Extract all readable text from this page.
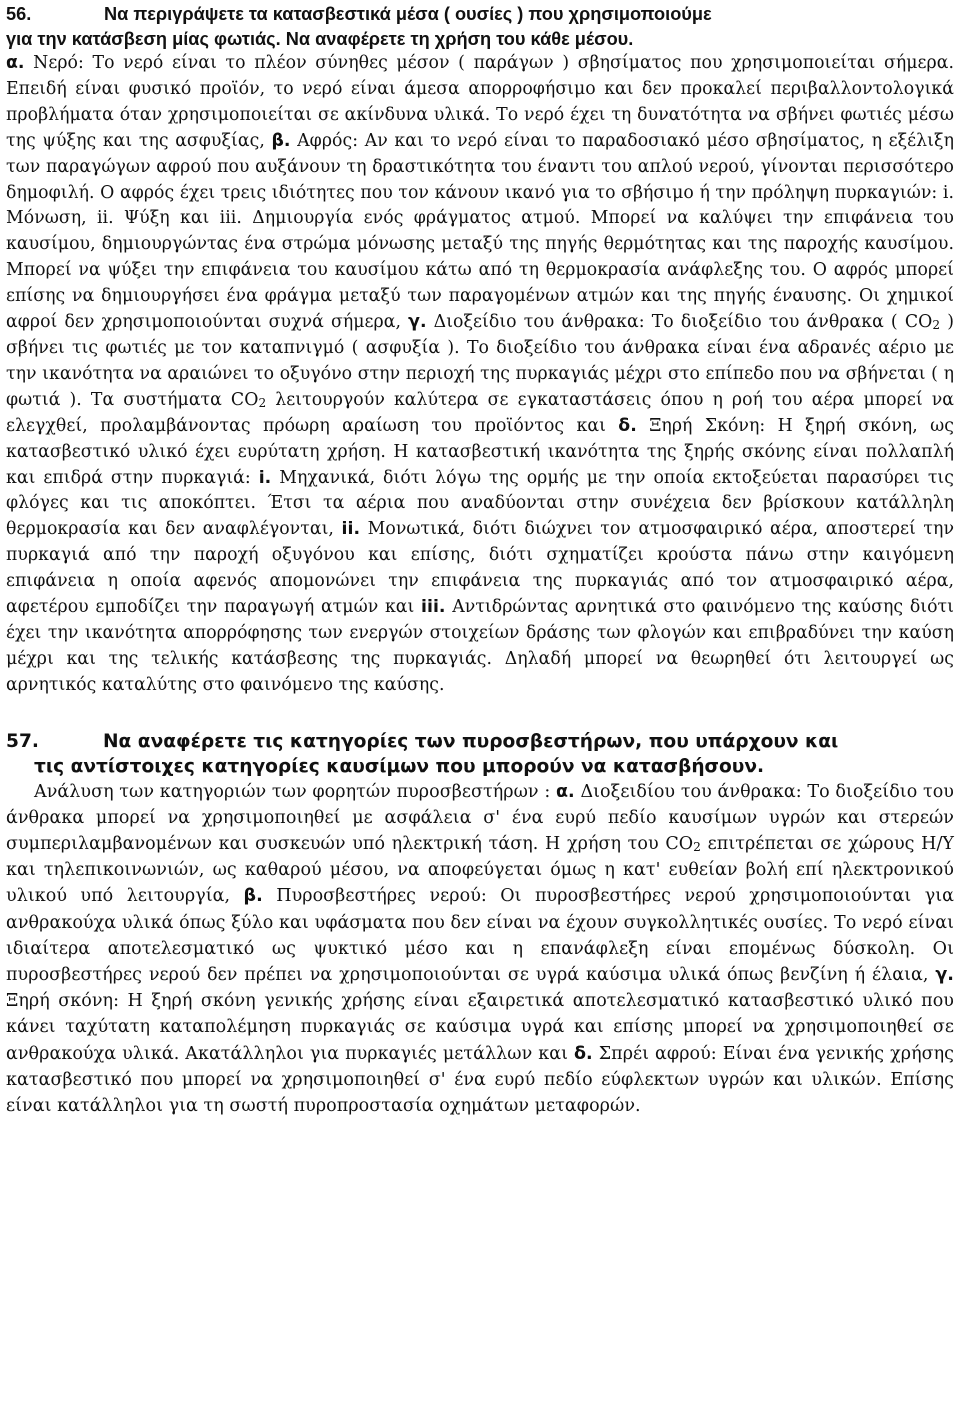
56.	Να περιγράψετε τα κατασβεστικά μέσα ( ουσίες ) που χρησιμοποιούμε
για την κατάσβεση μίας φωτιάς. Να αναφέρετε τη χρήση του κάθε μέσου.

α. Νερό: Το νερό είναι το πλέον σύνηθες μέσον ( παράγων ) σβησίματος που χρησιμοποιείται σήμερα. Επειδή είναι φυσικό προϊόν, το νερό είναι άμεσα απορροφήσιμο και δεν προκαλεί περιβαλλοντολογικά προβλήματα όταν χρησιμοποιείται σε ακίνδυνα υλικά. Το νερό έχει τη δυνατότητα να σβήνει φωτιές μέσω της ψύξης και της ασφυξίας, β. Αφρός: Αν και το νερό είναι το παραδοσιακό μέσο σβησίματος, η εξέλιξη των παραγώγων αφρού που αυξάνουν τη δραστικότητα του έναντι του απλού νερού, γίνονται περισσότερο δημοφιλή. Ο αφρός έχει τρεις ιδιότητες που τον κάνουν ικανό για το σβήσιμο ή την πρόληψη πυρκαγιών: i. Μόνωση, ii. Ψύξη και iii. Δημιουργία ενός φράγματος ατμού. Μπορεί να καλύψει την επιφάνεια του καυσίμου, δημιουργώντας ένα στρώμα μόνωσης μεταξύ της πηγής θερμότητας και της παροχής καυσίμου. Μπορεί να ψύξει την επιφάνεια του καυσίμου κάτω από τη θερμοκρασία ανάφλεξης του. Ο αφρός μπορεί επίσης να δημιουργήσει ένα φράγμα μεταξύ των παραγομένων ατμών και της πηγής έναυσης. Οι χημικοί αφροί δεν χρησιμοποιούνται συχνά σήμερα, γ. Διοξείδιο του άνθρακα: Το διοξείδιο του άνθρακα ( $CO_2$ ) σβήνει τις φωτιές με τον καταπνιγμό ( ασφυξία ). Το διοξείδιο του άνθρακα είναι ένα αδρανές αέριο με την ικανότητα να αραιώνει το οξυγόνο στην περιοχή της πυρκαγιάς μέχρι στο επίπεδο που να σβήνεται ( η φωτιά ). Τα συστήματα $CO_2$ λειτουργούν καλύτερα σε εγκαταστάσεις όπου η ροή του αέρα μπορεί να ελεγχθεί, προλαμβάνοντας πρόωρη αραίωση του προϊόντος και δ. Ξηρή Σκόνη: Η ξηρή σκόνη, ως κατασβεστικό υλικό έχει ευρύτατη χρήση. Η κατασβεστική ικανότητα της ξηρής σκόνης είναι πολλαπλή και επιδρά στην πυρκαγιά: i. Μηχανικά, διότι λόγω της ορμής με την οποία εκτοξεύεται παρασύρει τις φλόγες και τις αποκόπτει. Έτσι τα αέρια που αναδύονται στην συνέχεια δεν βρίσκουν κατάλληλη θερμοκρασία και δεν αναφλέγονται, ii. Μονωτικά, διότι διώχνει τον ατμοσφαιρικό αέρα, αποστερεί την πυρκαγιά από την παροχή οξυγόνου και επίσης, διότι σχηματίζει κρούστα πάνω στην καιγόμενη επιφάνεια η οποία αφενός απομονώνει την επιφάνεια της πυρκαγιάς από τον ατμοσφαιρικό αέρα, αφετέρου εμποδίζει την παραγωγή ατμών και iii. Αντιδρώντας αρνητικά στο φαινόμενο της καύσης διότι έχει την ικανότητα απορρόφησης των ενεργών στοιχείων δράσης των φλογών και επιβραδύνει την καύση μέχρι και της τελικής κατάσβεσης της πυρκαγιάς. Δηλαδή μπορεί να θεωρηθεί ότι λειτουργεί ως αρνητικός καταλύτης στο φαινόμενο της καύσης.

57.	Να αναφέρετε τις κατηγορίες των πυροσβεστήρων, που υπάρχουν και
τις αντίστοιχες κατηγορίες καυσίμων που μπορούν να κατασβήσουν.

Ανάλυση των κατηγοριών των φορητών πυροσβεστήρων : α. Διοξειδίου του άνθρακα: Το διοξείδιο του άνθρακα μπορεί να χρησιμοποιηθεί με ασφάλεια σ' ένα ευρύ πεδίο καυσίμων υγρών και στερεών συμπεριλαμβανομένων και συσκευών υπό ηλεκτρική τάση. Η χρήση του $CO_2$ επιτρέπεται σε χώρους Η/Υ και τηλεπικοινωνιών, ως καθαρού μέσου, να αποφεύγεται όμως η κατ' ευθείαν βολή επί ηλεκτρονικού υλικού υπό λειτουργία, β. Πυροσβεστήρες νερού: Οι πυροσβεστήρες νερού χρησιμοποιούνται για ανθρακούχα υλικά όπως ξύλο και υφάσματα που δεν είναι να έχουν συγκολλητικές ουσίες. Το νερό είναι ιδιαίτερα αποτελεσματικό ως ψυκτικό μέσο και η επανάφλεξη είναι επομένως δύσκολη. Οι πυροσβεστήρες νερού δεν πρέπει να χρησιμοποιούνται σε υγρά καύσιμα υλικά όπως βενζίνη ή έλαια, γ. Ξηρή σκόνη: Η ξηρή σκόνη γενικής χρήσης είναι εξαιρετικά αποτελεσματικό κατασβεστικό υλικό που κάνει ταχύτατη καταπολέμηση πυρκαγιάς σε καύσιμα υγρά και επίσης μπορεί να χρησιμοποιηθεί σε ανθρακούχα υλικά. Ακατάλληλοι για πυρκαγιές μετάλλων και δ. Σπρέι αφρού: Είναι ένα γενικής χρήσης κατασβεστικό που μπορεί να χρησιμοποιηθεί σ' ένα ευρύ πεδίο εύφλεκτων υγρών και υλικών. Επίσης είναι κατάλληλοι για τη σωστή πυροπροστασία οχημάτων μεταφορών.
